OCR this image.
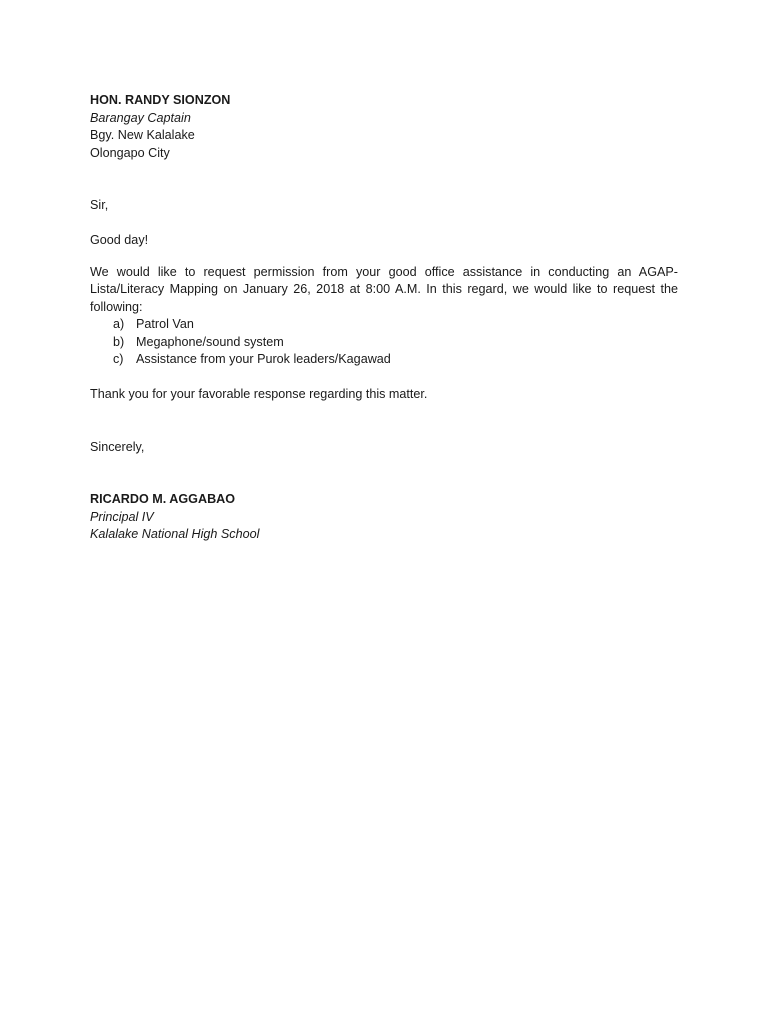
HON. RANDY SIONZON
Barangay Captain
Bgy. New Kalalake
Olongapo City
Sir,
Good day!
We would like to request permission from your good office assistance in conducting an AGAP-Lista/Literacy Mapping on January 26, 2018 at 8:00 A.M. In this regard, we would like to request the following:
a) Patrol Van
b) Megaphone/sound system
c) Assistance from your Purok leaders/Kagawad
Thank you for your favorable response regarding this matter.
Sincerely,
RICARDO M. AGGABAO
Principal IV
Kalalake National High School
